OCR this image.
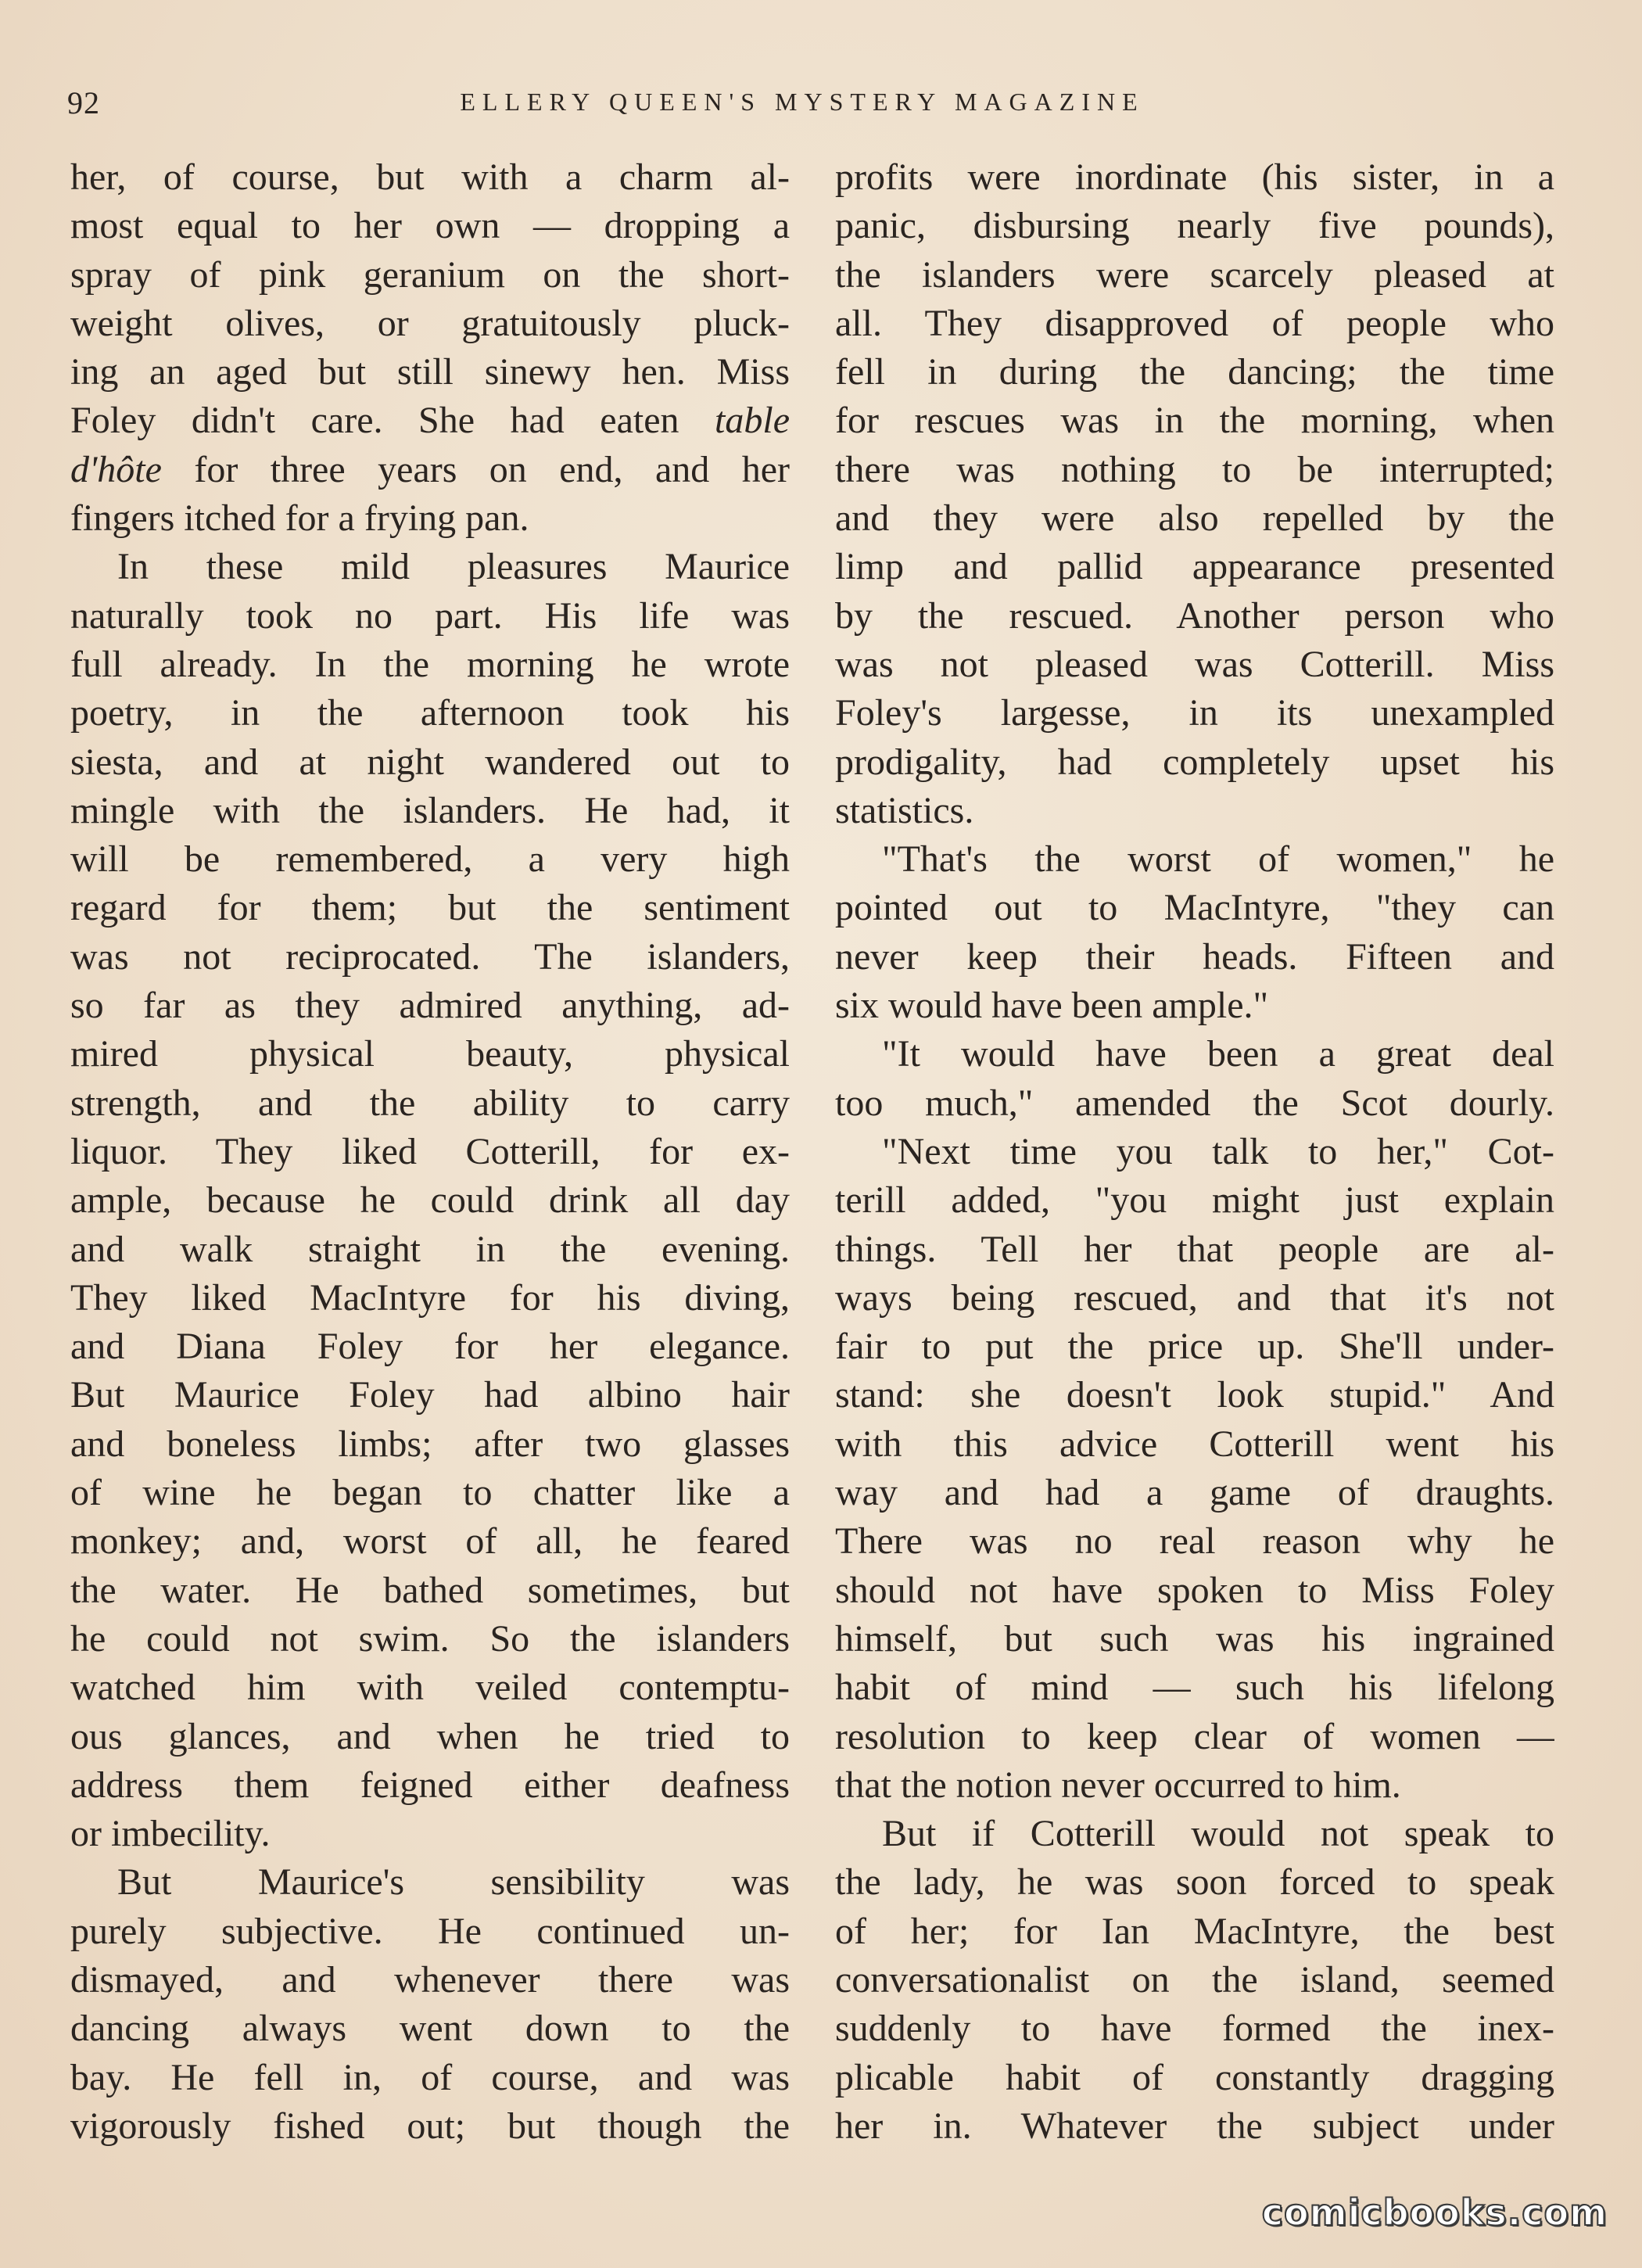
92	ELLERY QUEEN'S MYSTERY MAGAZINE
her, of course, but with a charm al-
most equal to her own — dropping a
spray of pink geranium on the short-
weight olives, or gratuitously pluck-
ing an aged but still sinewy hen. Miss
Foley didn't care. She had eaten table
d'hôte for three years on end, and her
fingers itched for a frying pan.
In these mild pleasures Maurice
naturally took no part. His life was
full already. In the morning he wrote
poetry, in the afternoon took his
siesta, and at night wandered out to
mingle with the islanders. He had, it
will be remembered, a very high
regard for them; but the sentiment
was not reciprocated. The islanders,
so far as they admired anything, ad-
mired physical beauty, physical
strength, and the ability to carry
liquor. They liked Cotterill, for ex-
ample, because he could drink all day
and walk straight in the evening.
They liked MacIntyre for his diving,
and Diana Foley for her elegance.
But Maurice Foley had albino hair
and boneless limbs; after two glasses
of wine he began to chatter like a
monkey; and, worst of all, he feared
the water. He bathed sometimes, but
he could not swim. So the islanders
watched him with veiled contemptu-
ous glances, and when he tried to
address them feigned either deafness
or imbecility.
But Maurice's sensibility was
purely subjective. He continued un-
dismayed, and whenever there was
dancing always went down to the
bay. He fell in, of course, and was
vigorously fished out; but though the
profits were inordinate (his sister, in a
panic, disbursing nearly five pounds),
the islanders were scarcely pleased at
all. They disapproved of people who
fell in during the dancing; the time
for rescues was in the morning, when
there was nothing to be interrupted;
and they were also repelled by the
limp and pallid appearance presented
by the rescued. Another person who
was not pleased was Cotterill. Miss
Foley's largesse, in its unexampled
prodigality, had completely upset his
statistics.
"That's the worst of women," he
pointed out to MacIntyre, "they can
never keep their heads. Fifteen and
six would have been ample."
"It would have been a great deal
too much," amended the Scot dourly.
"Next time you talk to her," Cot-
terill added, "you might just explain
things. Tell her that people are al-
ways being rescued, and that it's not
fair to put the price up. She'll under-
stand: she doesn't look stupid." And
with this advice Cotterill went his
way and had a game of draughts.
There was no real reason why he
should not have spoken to Miss Foley
himself, but such was his ingrained
habit of mind — such his lifelong
resolution to keep clear of women —
that the notion never occurred to him.
But if Cotterill would not speak to
the lady, he was soon forced to speak
of her; for Ian MacIntyre, the best
conversationalist on the island, seemed
suddenly to have formed the inex-
plicable habit of constantly dragging
her in. Whatever the subject under
comicbooks.com
